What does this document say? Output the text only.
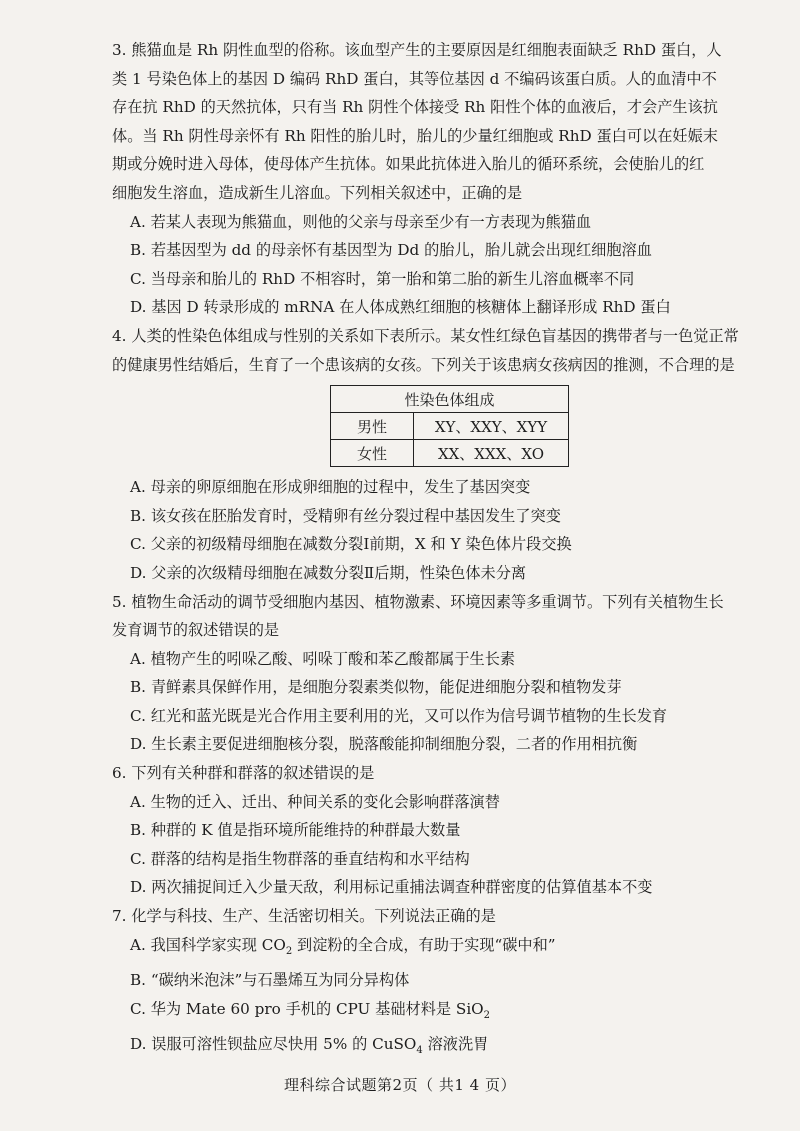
3. 熊猫血是 Rh 阴性血型的俗称。该血型产生的主要原因是红细胞表面缺乏 RhD 蛋白，人

类 1 号染色体上的基因 D 编码 RhD 蛋白，其等位基因 d 不编码该蛋白质。人的血清中不

存在抗 RhD 的天然抗体，只有当 Rh 阴性个体接受 Rh 阳性个体的血液后，才会产生该抗

体。当 Rh 阴性母亲怀有 Rh 阳性的胎儿时，胎儿的少量红细胞或 RhD 蛋白可以在妊娠末

期或分娩时进入母体，使母体产生抗体。如果此抗体进入胎儿的循环系统，会使胎儿的红

细胞发生溶血，造成新生儿溶血。下列相关叙述中，正确的是

A. 若某人表现为熊猫血，则他的父亲与母亲至少有一方表现为熊猫血

B. 若基因型为 dd 的母亲怀有基因型为 Dd 的胎儿，胎儿就会出现红细胞溶血

C. 当母亲和胎儿的 RhD 不相容时，第一胎和第二胎的新生儿溶血概率不同

D. 基因 D 转录形成的 mRNA 在人体成熟红细胞的核糖体上翻译形成 RhD 蛋白

4. 人类的性染色体组成与性别的关系如下表所示。某女性红绿色盲基因的携带者与一色觉正常

的健康男性结婚后，生育了一个患该病的女孩。下列关于该患病女孩病因的推测，不合理的是

性染色体组成	
男性	XY、XXY、XYY
女性	XX、XXX、XO

A. 母亲的卵原细胞在形成卵细胞的过程中，发生了基因突变

B. 该女孩在胚胎发育时，受精卵有丝分裂过程中基因发生了突变

C. 父亲的初级精母细胞在减数分裂Ⅰ前期，X 和 Y 染色体片段交换

D. 父亲的次级精母细胞在减数分裂Ⅱ后期，性染色体未分离

5. 植物生命活动的调节受细胞内基因、植物激素、环境因素等多重调节。下列有关植物生长

发育调节的叙述错误的是

A. 植物产生的吲哚乙酸、吲哚丁酸和苯乙酸都属于生长素

B. 青鲜素具保鲜作用，是细胞分裂素类似物，能促进细胞分裂和植物发芽

C. 红光和蓝光既是光合作用主要利用的光，又可以作为信号调节植物的生长发育

D. 生长素主要促进细胞核分裂，脱落酸能抑制细胞分裂，二者的作用相抗衡

6. 下列有关种群和群落的叙述错误的是

A. 生物的迁入、迁出、种间关系的变化会影响群落演替

B. 种群的 K 值是指环境所能维持的种群最大数量

C. 群落的结构是指生物群落的垂直结构和水平结构

D. 两次捕捉间迁入少量天敌，利用标记重捕法调查种群密度的估算值基本不变

7. 化学与科技、生产、生活密切相关。下列说法正确的是

A. 我国科学家实现 $CO_2$ 到淀粉的全合成，有助于实现“碳中和”

B. “碳纳米泡沫”与石墨烯互为同分异构体

C. 华为 Mate 60 pro 手机的 CPU 基础材料是 SiO$_2$

D. 误服可溶性钡盐应尽快用 5% 的 CuSO$_4$ 溶液洗胃

理科综合试题第2页（ 共1 4 页）
